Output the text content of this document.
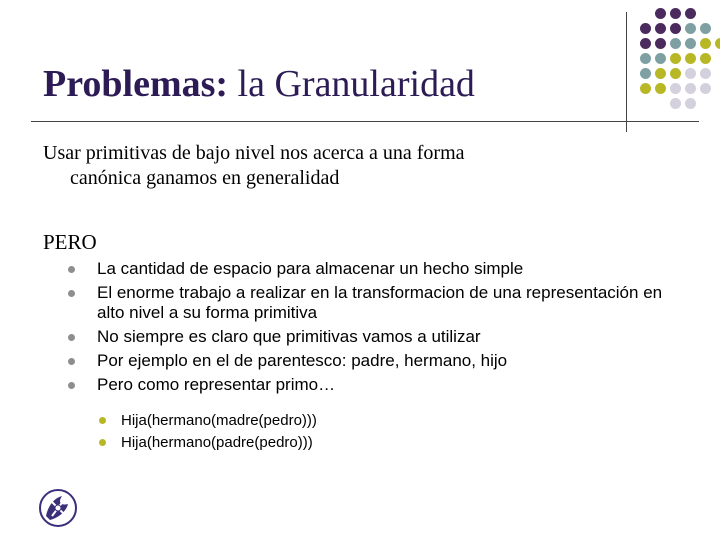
Problemas: la Granularidad
Usar primitivas de bajo nivel nos acerca a una forma
canónica ganamos en generalidad
PERO
La cantidad de espacio para almacenar un hecho simple
El enorme trabajo a realizar en la transformacion de una representación en alto nivel a su forma primitiva
No siempre es claro que primitivas vamos a utilizar
Por ejemplo en el de parentesco: padre, hermano, hijo
Pero como representar primo…
Hija(hermano(madre(pedro)))
Hija(hermano(padre(pedro)))
